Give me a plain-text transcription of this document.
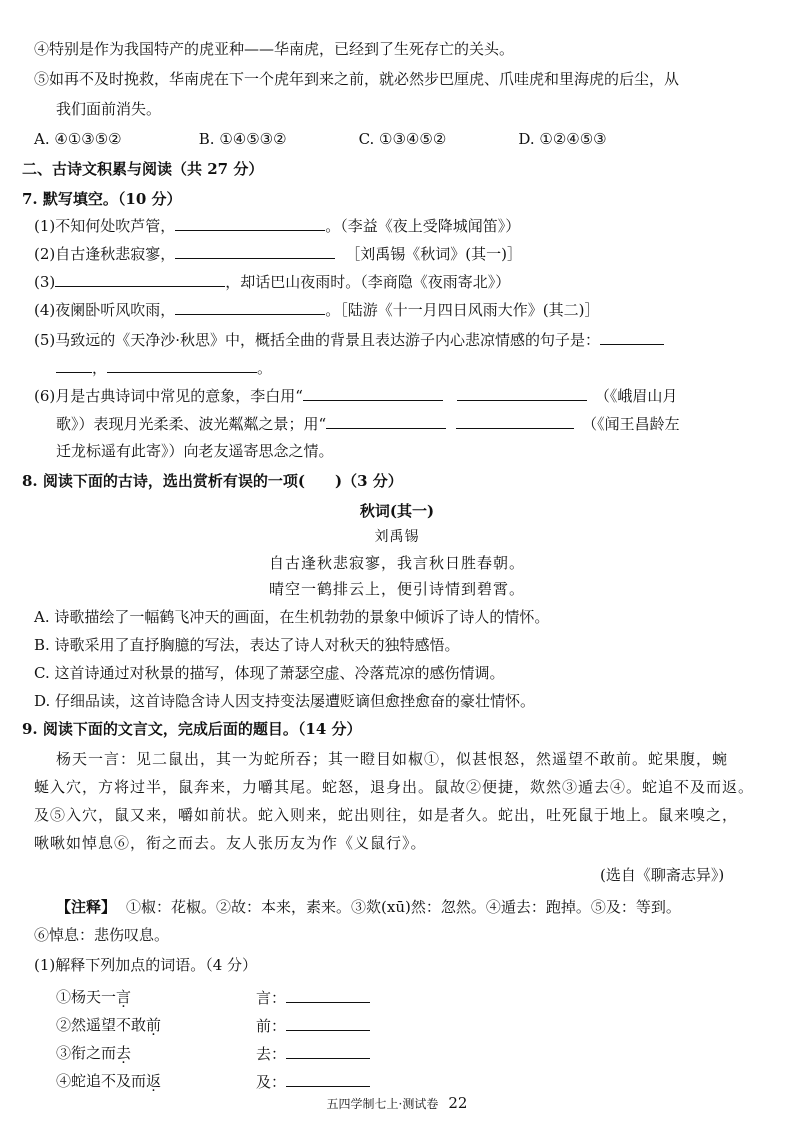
④特别是作为我国特产的虎亚种——华南虎，已经到了生死存亡的关头。
⑤如再不及时挽救，华南虎在下一个虎年到来之前，就必然步巴厘虎、爪哇虎和里海虎的后尘，从
我们面前消失。
A. ④①③⑤②	B. ①④⑤③②	C. ①③④⑤②	D. ①②④⑤③
二、古诗文积累与阅读（共 27 分）
7. 默写填空。（10 分）
(1)不知何处吹芦管，	。（李益《夜上受降城闻笛》）
(2)自古逢秋悲寂寥，	［刘禹锡《秋词》(其一)］
(3)	，却话巴山夜雨时。（李商隐《夜雨寄北》）
(4)夜阑卧听风吹雨，	。［陆游《十一月四日风雨大作》(其二)］
(5)马致远的《天净沙·秋思》中，概括全曲的背景且表达游子内心悲凉情感的句子是：
，	。
(6)月是古典诗词中常见的意象，李白用“	（《峨眉山月
歌》）表现月光柔柔、波光粼粼之景；用“	（《闻王昌龄左
迁龙标遥有此寄》）向老友遥寄思念之情。
8. 阅读下面的古诗，选出赏析有误的一项(　　)（3 分）
秋词(其一)
刘禹锡
自古逢秋悲寂寥，我言秋日胜春朝。
晴空一鹤排云上，便引诗情到碧霄。
A. 诗歌描绘了一幅鹤飞冲天的画面，在生机勃勃的景象中倾诉了诗人的情怀。
B. 诗歌采用了直抒胸臆的写法，表达了诗人对秋天的独特感悟。
C. 这首诗通过对秋景的描写，体现了萧瑟空虚、冷落荒凉的感伤情调。
D. 仔细品读，这首诗隐含诗人因支持变法屡遭贬谪但愈挫愈奋的豪壮情怀。
9. 阅读下面的文言文，完成后面的题目。（14 分）
杨天一言：见二鼠出，其一为蛇所吞；其一瞪目如椒①，似甚恨怒，然遥望不敢前。蛇果腹，蜿
蜒入穴，方将过半，鼠奔来，力嚼其尾。蛇怒，退身出。鼠故②便捷，欻然③遁去④。蛇追不及而返。
及⑤入穴，鼠又来，嚼如前状。蛇入则来，蛇出则往，如是者久。蛇出，吐死鼠于地上。鼠来嗅之，
啾啾如悼息⑥，衔之而去。友人张历友为作《义鼠行》。
(选自《聊斋志异》)
【注释】 ①椒：花椒。②故：本来，素来。③欻(xū)然：忽然。④遁去：跑掉。⑤及：等到。
⑥悼息：悲伤叹息。
(1)解释下列加点的词语。（4 分）
①杨天一言	言：
②然遥望不敢前	前：
③衔之而去	去：
④蛇追不及而返	及：
五四学制七上·测试卷 22
